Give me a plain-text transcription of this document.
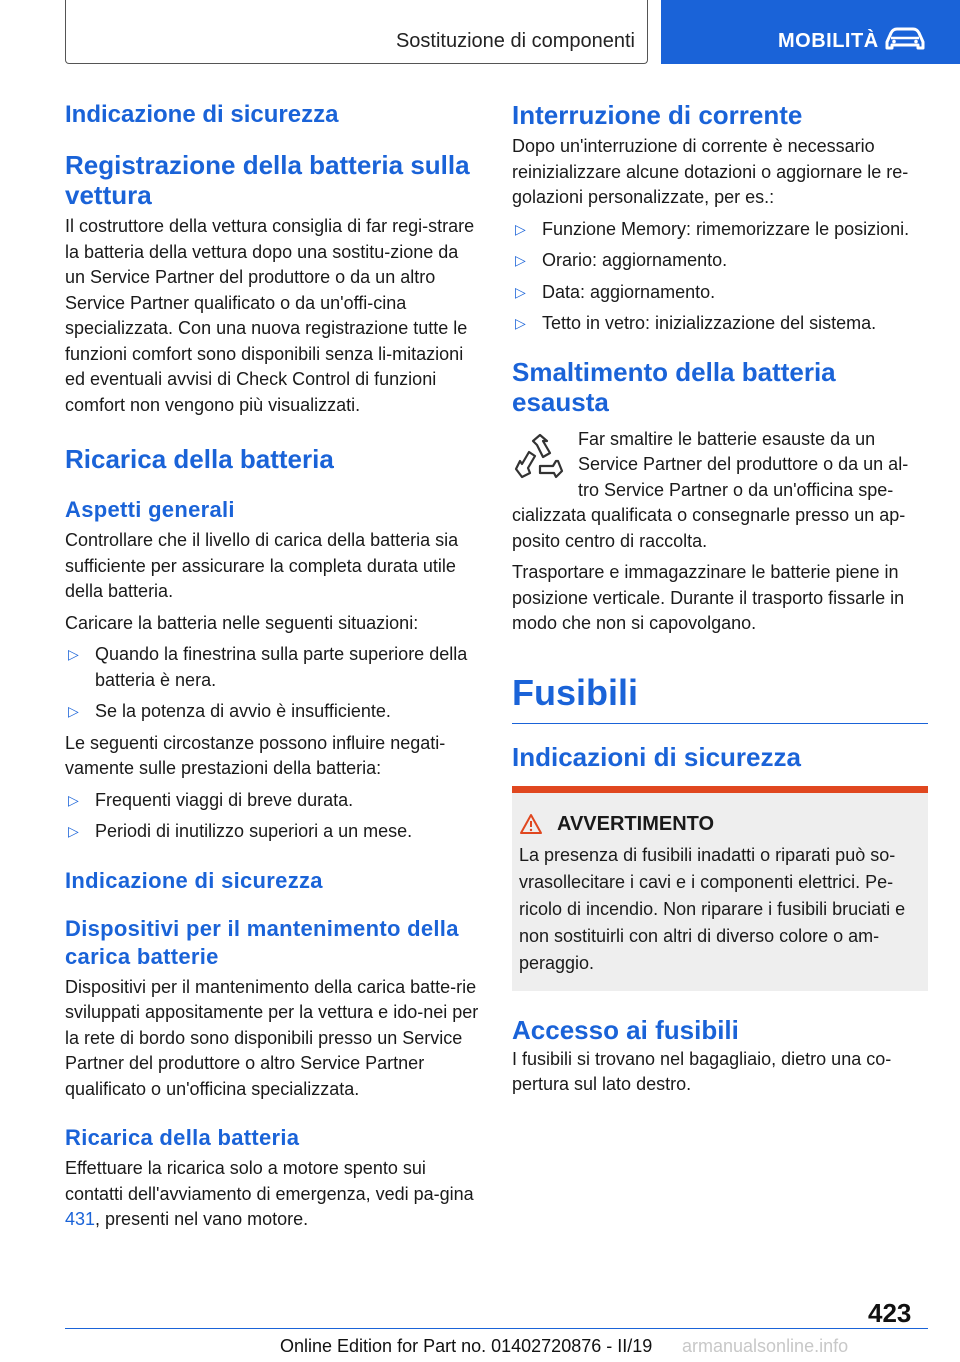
Sostituzione di componenti	MOBILITÀ
Indicazione di sicurezza
Registrazione della batteria sulla vettura

Il costruttore della vettura consiglia di far regi-strare la batteria della vettura dopo una sostitu-zione da un Service Partner del produttore o da un altro Service Partner qualificato o da un'offi-cina specializzata. Con una nuova registrazione tutte le funzioni comfort sono disponibili senza li-mitazioni ed eventuali avvisi di Check Control di funzioni comfort non vengono più visualizzati.

Ricarica della batteria
Aspetti generali

Controllare che il livello di carica della batteria sia sufficiente per assicurare la completa durata utile della batteria.

Caricare la batteria nelle seguenti situazioni:

▷ Quando la finestrina sulla parte superiore della batteria è nera.
▷ Se la potenza di avvio è insufficiente.

Le seguenti circostanze possono influire negati-vamente sulle prestazioni della batteria:

▷ Frequenti viaggi di breve durata.
▷ Periodi di inutilizzo superiori a un mese.
Indicazione di sicurezza
Dispositivi per il mantenimento della carica batterie

Dispositivi per il mantenimento della carica batte-rie sviluppati appositamente per la vettura e ido-nei per la rete di bordo sono disponibili presso un Service Partner del produttore o altro Service Partner qualificato o un'officina specializzata.

Ricarica della batteria

Effettuare la ricarica solo a motore spento sui contatti dell'avviamento di emergenza, vedi pa-gina 431, presenti nel vano motore.

Interruzione di corrente

Dopo un'interruzione di corrente è necessario reinizializzare alcune dotazioni o aggiornare le re-golazioni personalizzate, per es.:

▷ Funzione Memory: rimemorizzare le posizioni.
▷ Orario: aggiornamento.
▷ Data: aggiornamento.
▷ Tetto in vetro: inizializzazione del sistema.
Smaltimento della batteria esausta

Far smaltire le batterie esauste da un Service Partner del produttore o da un al-tro Service Partner o da un'officina spe-cializzata qualificata o consegnarle presso un ap-posito centro di raccolta.

Trasportare e immagazzinare le batterie piene in posizione verticale. Durante il trasporto fissarle in modo che non si capovolgano.

Fusibili
Indicazioni di sicurezza
AVVERTIMENTO

La presenza di fusibili inadatti o riparati può so-vrasollecitare i cavi e i componenti elettrici. Pe-ricolo di incendio. Non riparare i fusibili bruciati e non sostituirli con altri di diverso colore o am-peraggio.

Accesso ai fusibili

I fusibili si trovano nel bagagliaio, dietro una co-pertura sul lato destro.

423
Online Edition for Part no. 01402720876 - II/19 armanualsonline.info
